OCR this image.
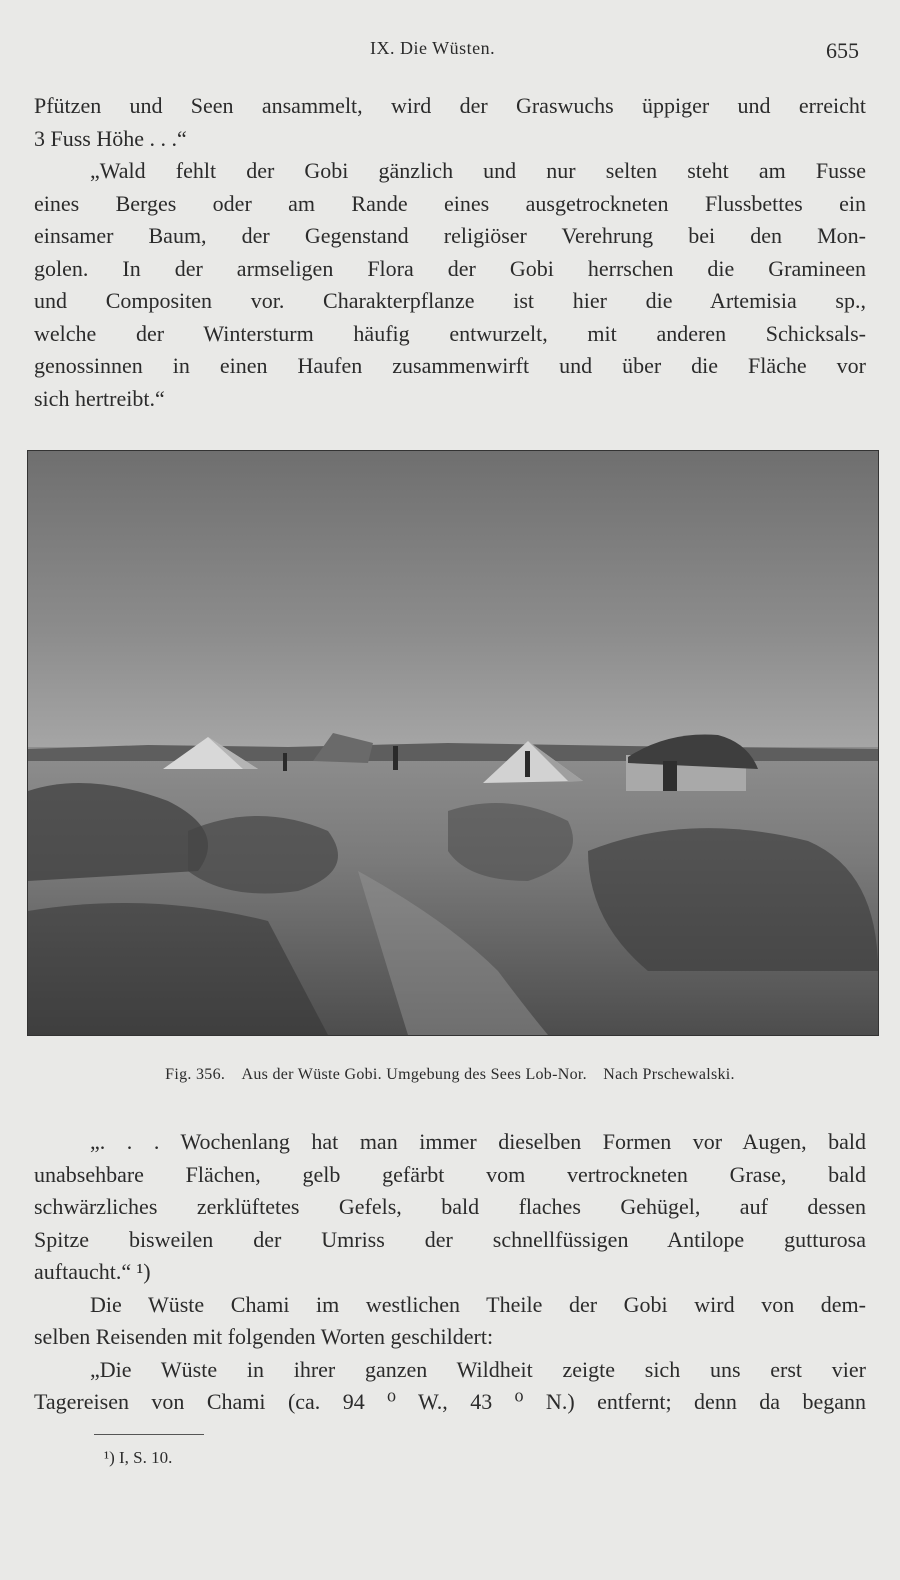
IX. Die Wüsten.	655
Pfützen und Seen ansammelt, wird der Graswuchs üppiger und erreicht
3 Fuss Höhe . . .“
„Wald fehlt der Gobi gänzlich und nur selten steht am Fusse
eines Berges oder am Rande eines ausgetrockneten Flussbettes ein
einsamer Baum, der Gegenstand religiöser Verehrung bei den Mon-
golen. In der armseligen Flora der Gobi herrschen die Gramineen
und Compositen vor. Charakterpflanze ist hier die Artemisia sp.,
welche der Wintersturm häufig entwurzelt, mit anderen Schicksals-
genossinnen in einen Haufen zusammenwirft und über die Fläche vor
sich hertreibt.“
Fig. 356. Aus der Wüste Gobi. Umgebung des Sees Lob-Nor. Nach Prschewalski.
„. . . Wochenlang hat man immer dieselben Formen vor Augen, bald
unabsehbare Flächen, gelb gefärbt vom vertrockneten Grase, bald
schwärzliches zerklüftetes Gefels, bald flaches Gehügel, auf dessen
Spitze bisweilen der Umriss der schnellfüssigen Antilope gutturosa
auftaucht.“ ¹)
Die Wüste Chami im westlichen Theile der Gobi wird von dem-
selben Reisenden mit folgenden Worten geschildert:
„Die Wüste in ihrer ganzen Wildheit zeigte sich uns erst vier
Tagereisen von Chami (ca. 94 ⁰ W., 43 ⁰ N.) entfernt; denn da begann
¹) I, S. 10.
